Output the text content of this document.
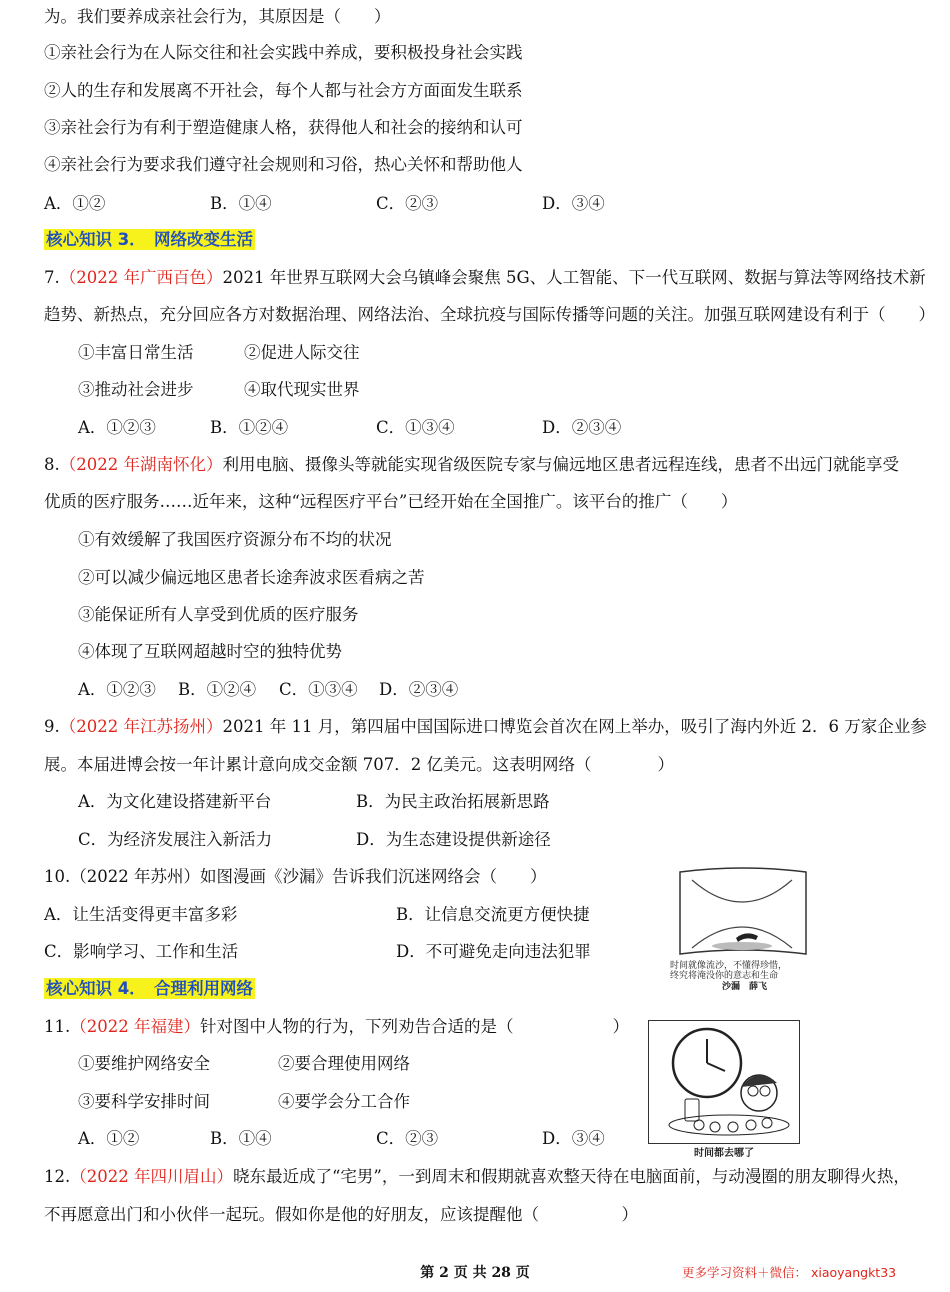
为。我们要养成亲社会行为，其原因是（　　）
①亲社会行为在人际交往和社会实践中养成，要积极投身社会实践
②人的生存和发展离不开社会，每个人都与社会方方面面发生联系
③亲社会行为有利于塑造健康人格，获得他人和社会的接纳和认可
④亲社会行为要求我们遵守社会规则和习俗，热心关怀和帮助他人
A．①②	B．①④	C．②③	D．③④
核心知识 3．　网络改变生活
7.（2022 年广西百色）2021 年世界互联网大会乌镇峰会聚焦 5G、人工智能、下一代互联网、数据与算法等网络技术新
趋势、新热点，充分回应各方对数据治理、网络法治、全球抗疫与国际传播等问题的关注。加强互联网建设有利于（　　）
①丰富日常生活	②促进人际交往
③推动社会进步	④取代现实世界
A．①②③	B．①②④	C．①③④	D．②③④
8.（2022 年湖南怀化）利用电脑、摄像头等就能实现省级医院专家与偏远地区患者远程连线，患者不出远门就能享受
优质的医疗服务……近年来，这种“远程医疗平台”已经开始在全国推广。该平台的推广（　　）
①有效缓解了我国医疗资源分布不均的状况
②可以减少偏远地区患者长途奔波求医看病之苦
③能保证所有人享受到优质的医疗服务
④体现了互联网超越时空的独特优势
A．①②③ B．①②④ C．①③④ D．②③④
9.（2022 年江苏扬州）2021 年 11 月，第四届中国国际进口博览会首次在网上举办，吸引了海内外近 2．6 万家企业参
展。本届进博会按一年计累计意向成交金额 707．2 亿美元。这表明网络（　　　　）
A．为文化建设搭建新平台	B．为民主政治拓展新思路
C．为经济发展注入新活力	D．为生态建设提供新途径
10.（2022 年苏州）如图漫画《沙漏》告诉我们沉迷网络会（　　）
A．让生活变得更丰富多彩	B．让信息交流更方便快捷
C．影响学习、工作和生活	D．不可避免走向违法犯罪
时间就像流沙，不懂得珍惜，
终究将淹没你的意志和生命
沙漏　薛飞
核心知识 4．　合理利用网络
11.（2022 年福建）针对图中人物的行为，下列劝告合适的是（　　　　　　）
①要维护网络安全	②要合理使用网络
③要科学安排时间	④要学会分工合作
A．①②	B．①④	C．②③	D．③④
时间都去哪了
12.（2022 年四川眉山）晓东最近成了“宅男”，一到周末和假期就喜欢整天待在电脑面前，与动漫圈的朋友聊得火热，
不再愿意出门和小伙伴一起玩。假如你是他的好朋友，应该提醒他（　　　　　）
第 2 页 共 28 页	更多学习资料＋微信： xiaoyangkt33
